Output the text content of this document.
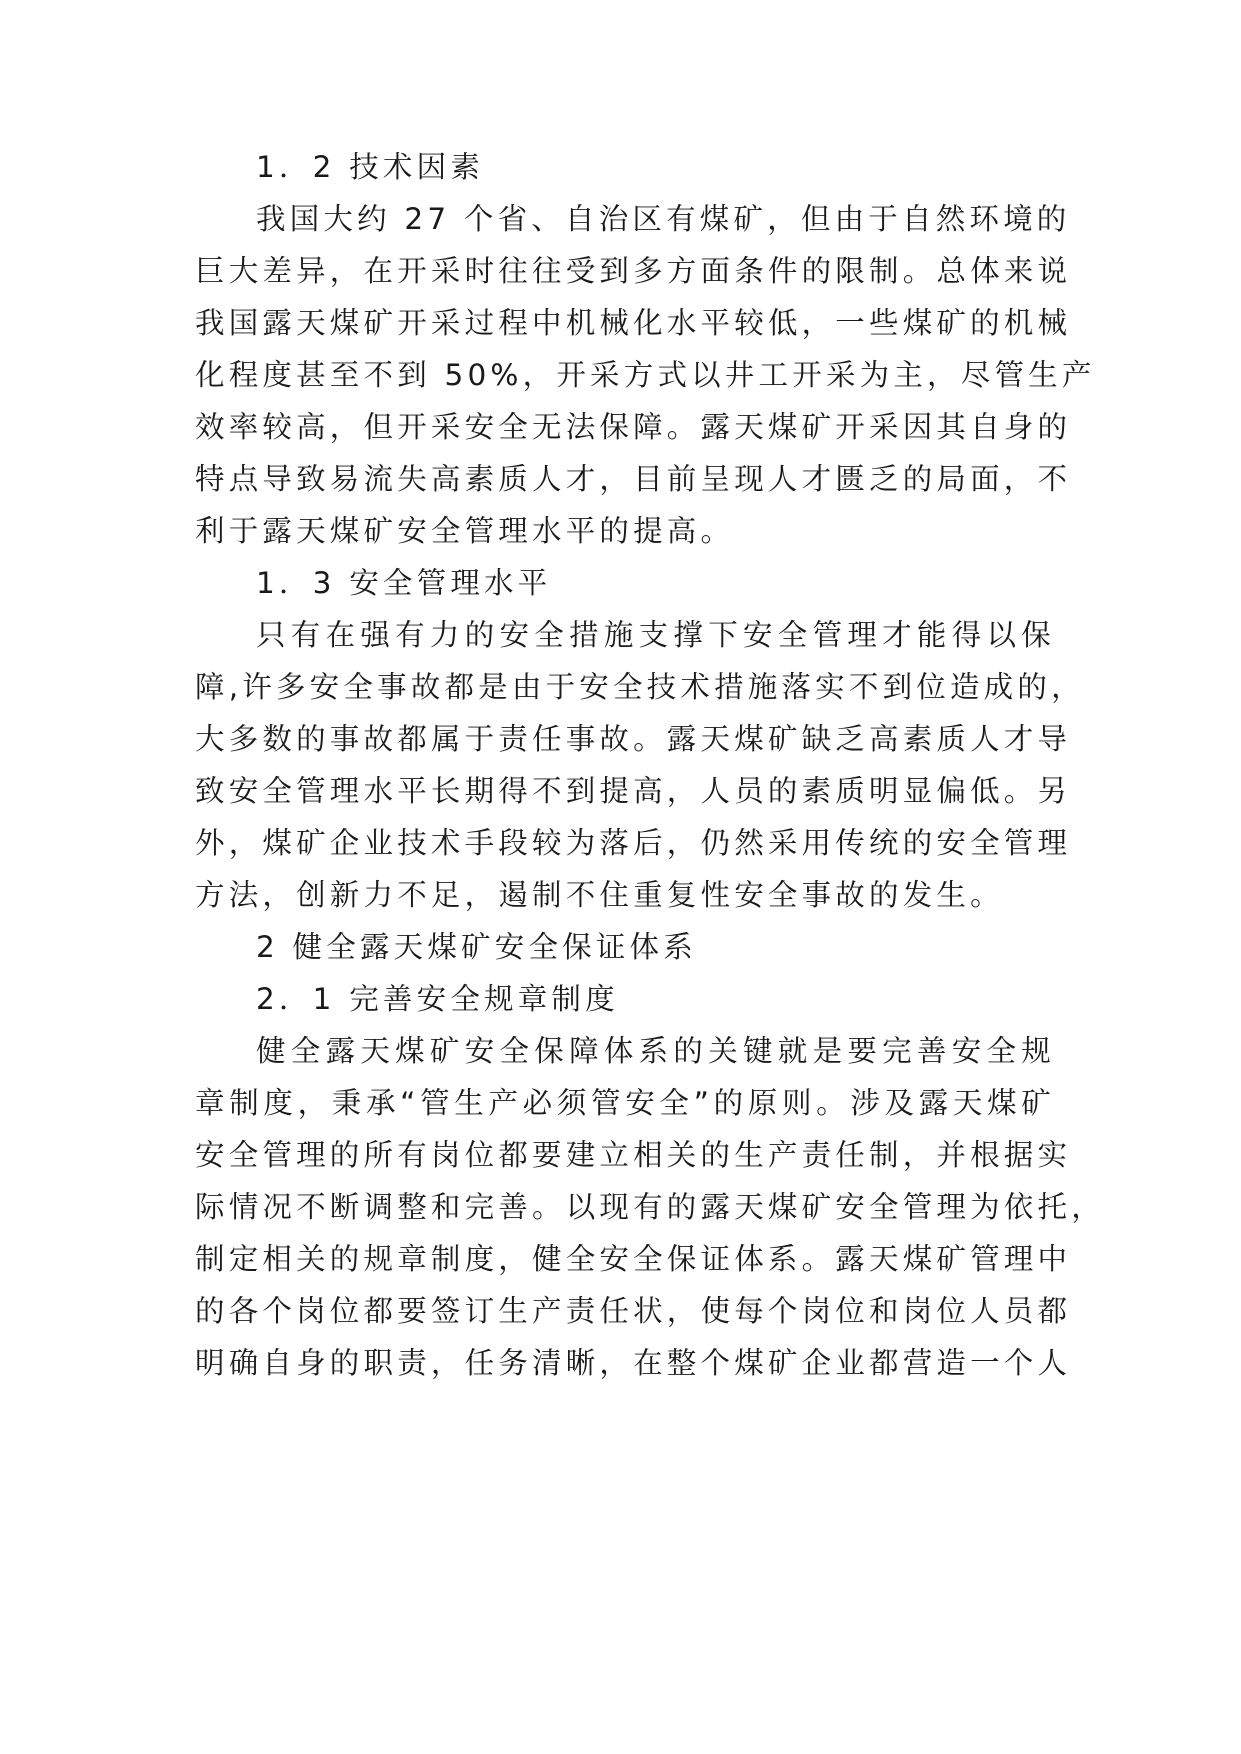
1．2 技术因素
我国大约 27 个省、自治区有煤矿，但由于自然环境的
巨大差异，在开采时往往受到多方面条件的限制。总体来说
我国露天煤矿开采过程中机械化水平较低，一些煤矿的机械
化程度甚至不到 50%，开采方式以井工开采为主，尽管生产
效率较高，但开采安全无法保障。露天煤矿开采因其自身的
特点导致易流失高素质人才，目前呈现人才匮乏的局面，不
利于露天煤矿安全管理水平的提高。
1．3 安全管理水平
只有在强有力的安全措施支撑下安全管理才能得以保
障,许多安全事故都是由于安全技术措施落实不到位造成的，
大多数的事故都属于责任事故。露天煤矿缺乏高素质人才导
致安全管理水平长期得不到提高，人员的素质明显偏低。另
外，煤矿企业技术手段较为落后，仍然采用传统的安全管理
方法，创新力不足，遏制不住重复性安全事故的发生。
2 健全露天煤矿安全保证体系
2．1 完善安全规章制度
健全露天煤矿安全保障体系的关键就是要完善安全规
章制度，秉承“管生产必须管安全”的原则。涉及露天煤矿
安全管理的所有岗位都要建立相关的生产责任制，并根据实
际情况不断调整和完善。以现有的露天煤矿安全管理为依托，
制定相关的规章制度，健全安全保证体系。露天煤矿管理中
的各个岗位都要签订生产责任状，使每个岗位和岗位人员都
明确自身的职责，任务清晰，在整个煤矿企业都营造一个人
